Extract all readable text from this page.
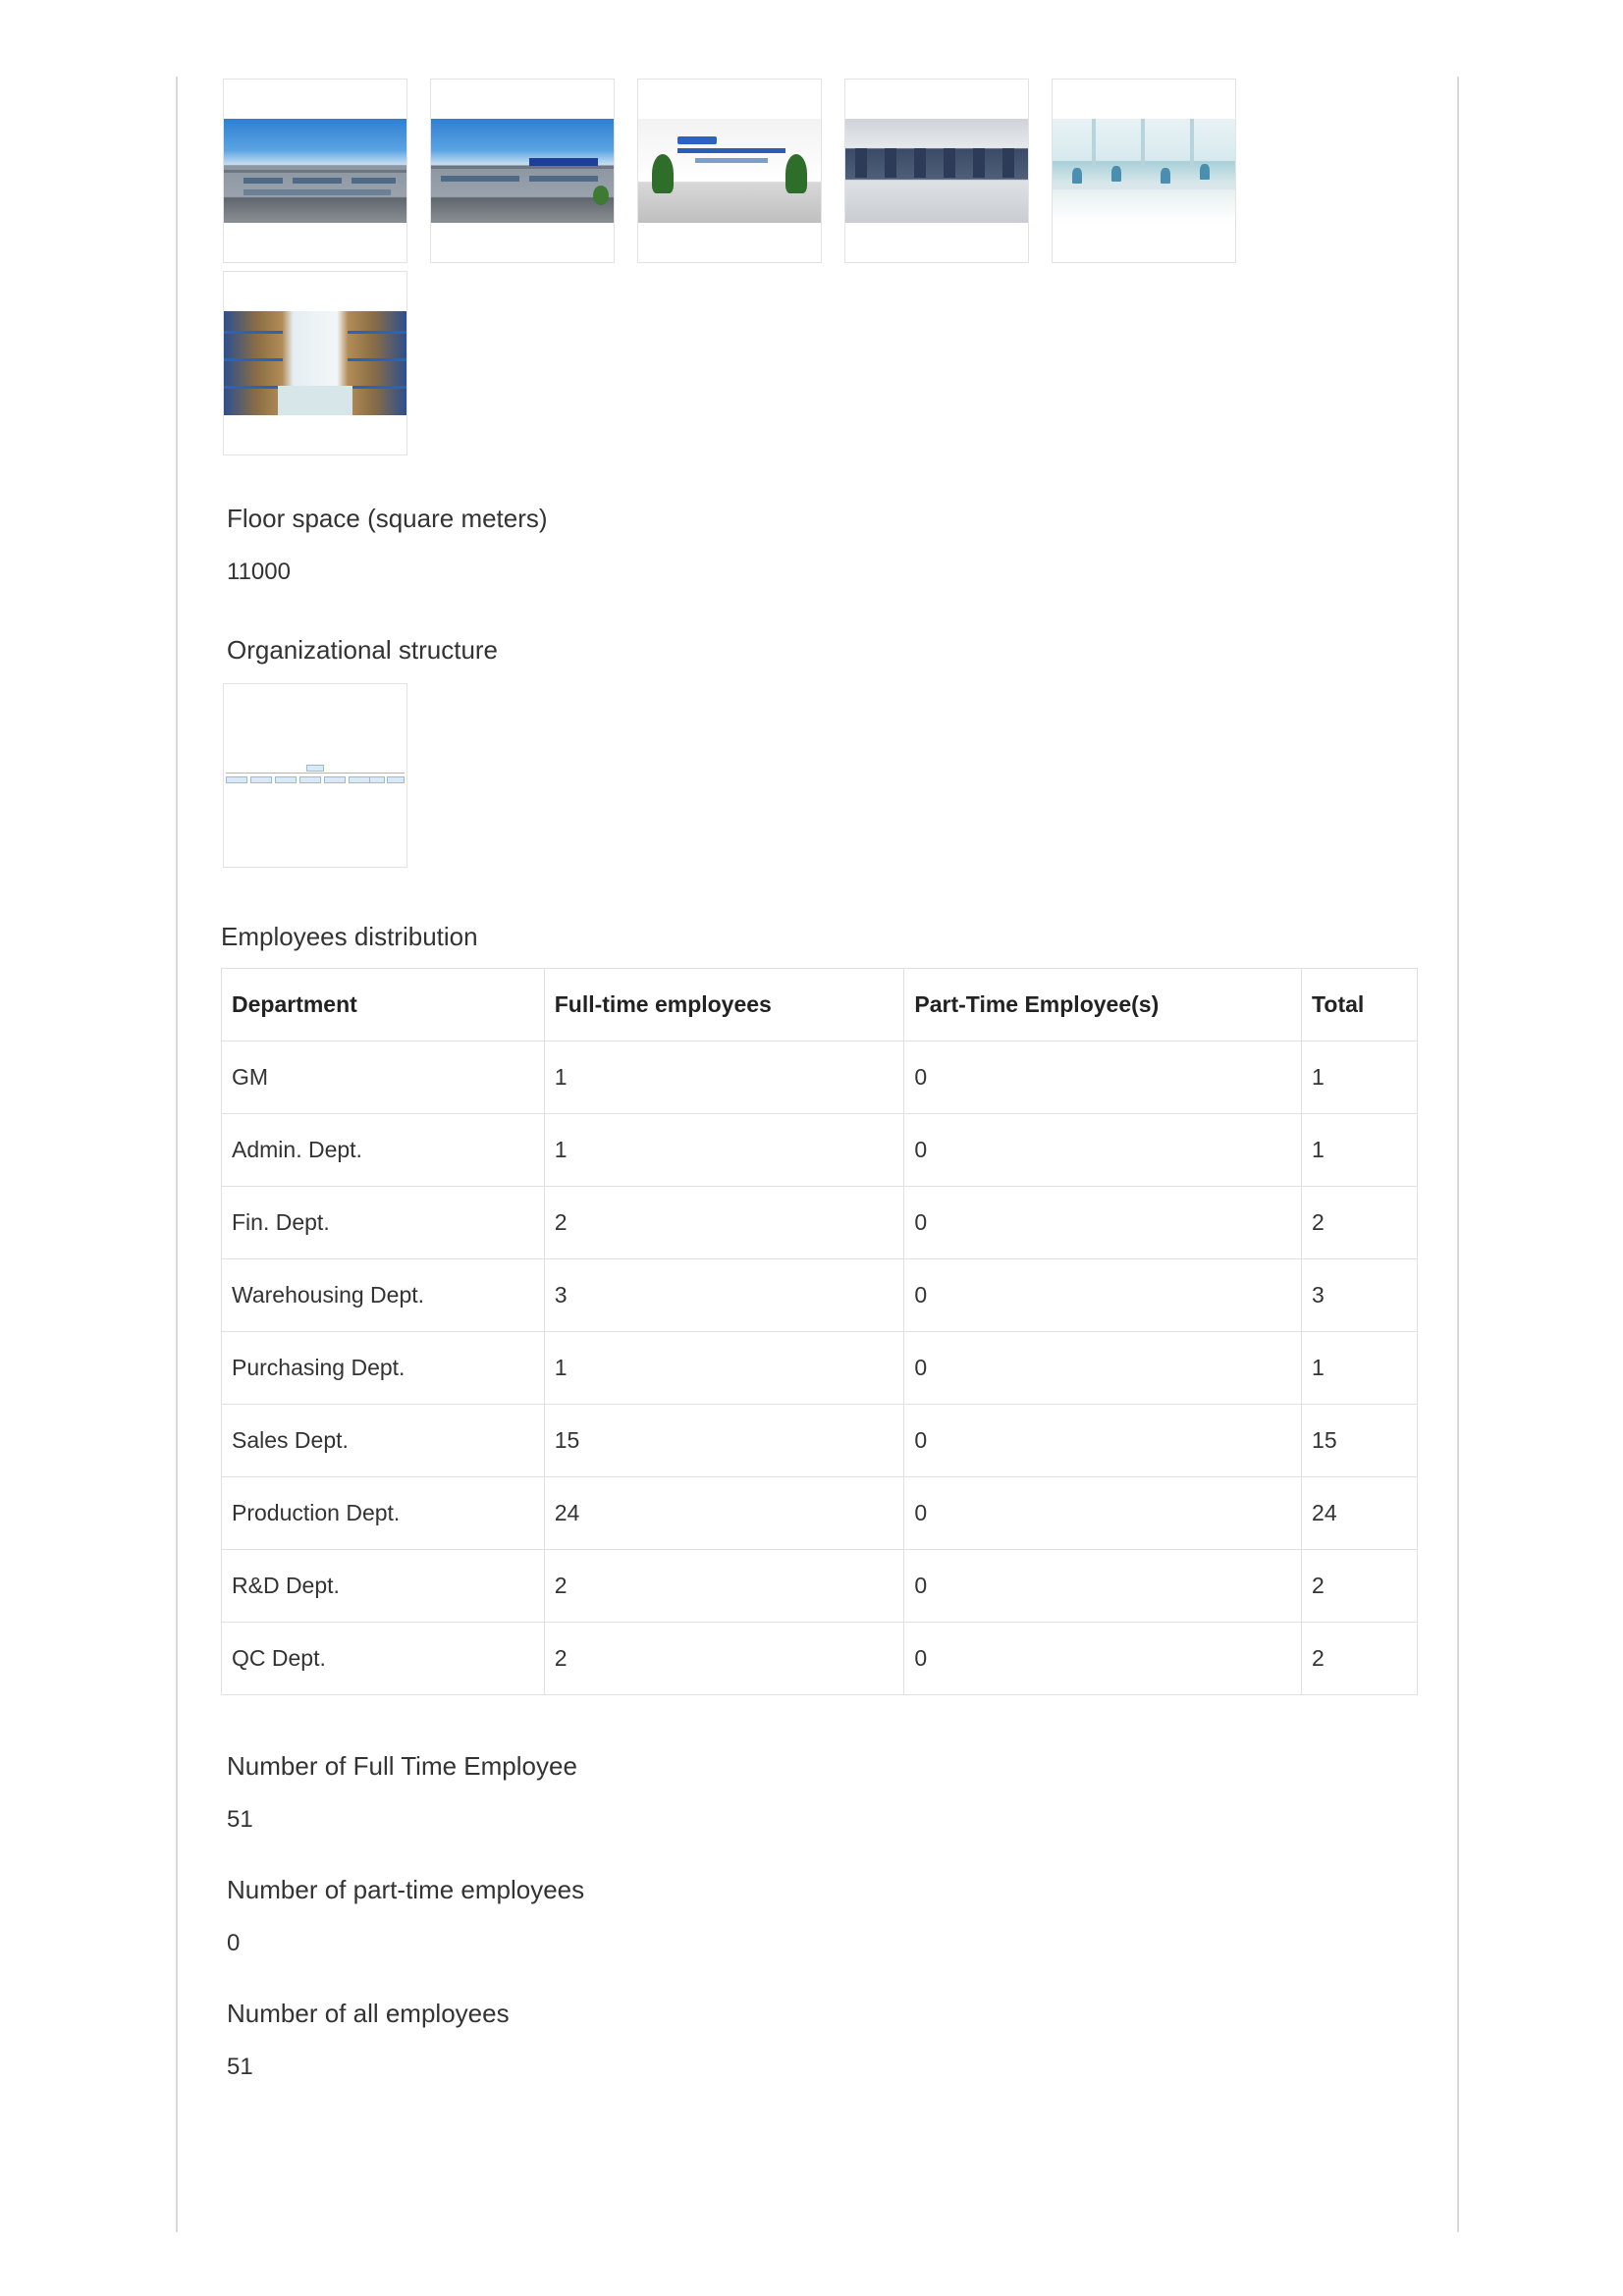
Floor space (square meters)
11000
Organizational structure
Employees distribution
Department	Full-time employees	Part-Time Employee(s)	Total
GM	1	0	1
Admin. Dept.	1	0	1
Fin. Dept.	2	0	2
Warehousing Dept.	3	0	3
Purchasing Dept.	1	0	1
Sales Dept.	15	0	15
Production Dept.	24	0	24
R&D Dept.	2	0	2
QC Dept.	2	0	2
Number of Full Time Employee
51
Number of part-time employees
0
Number of all employees
51
